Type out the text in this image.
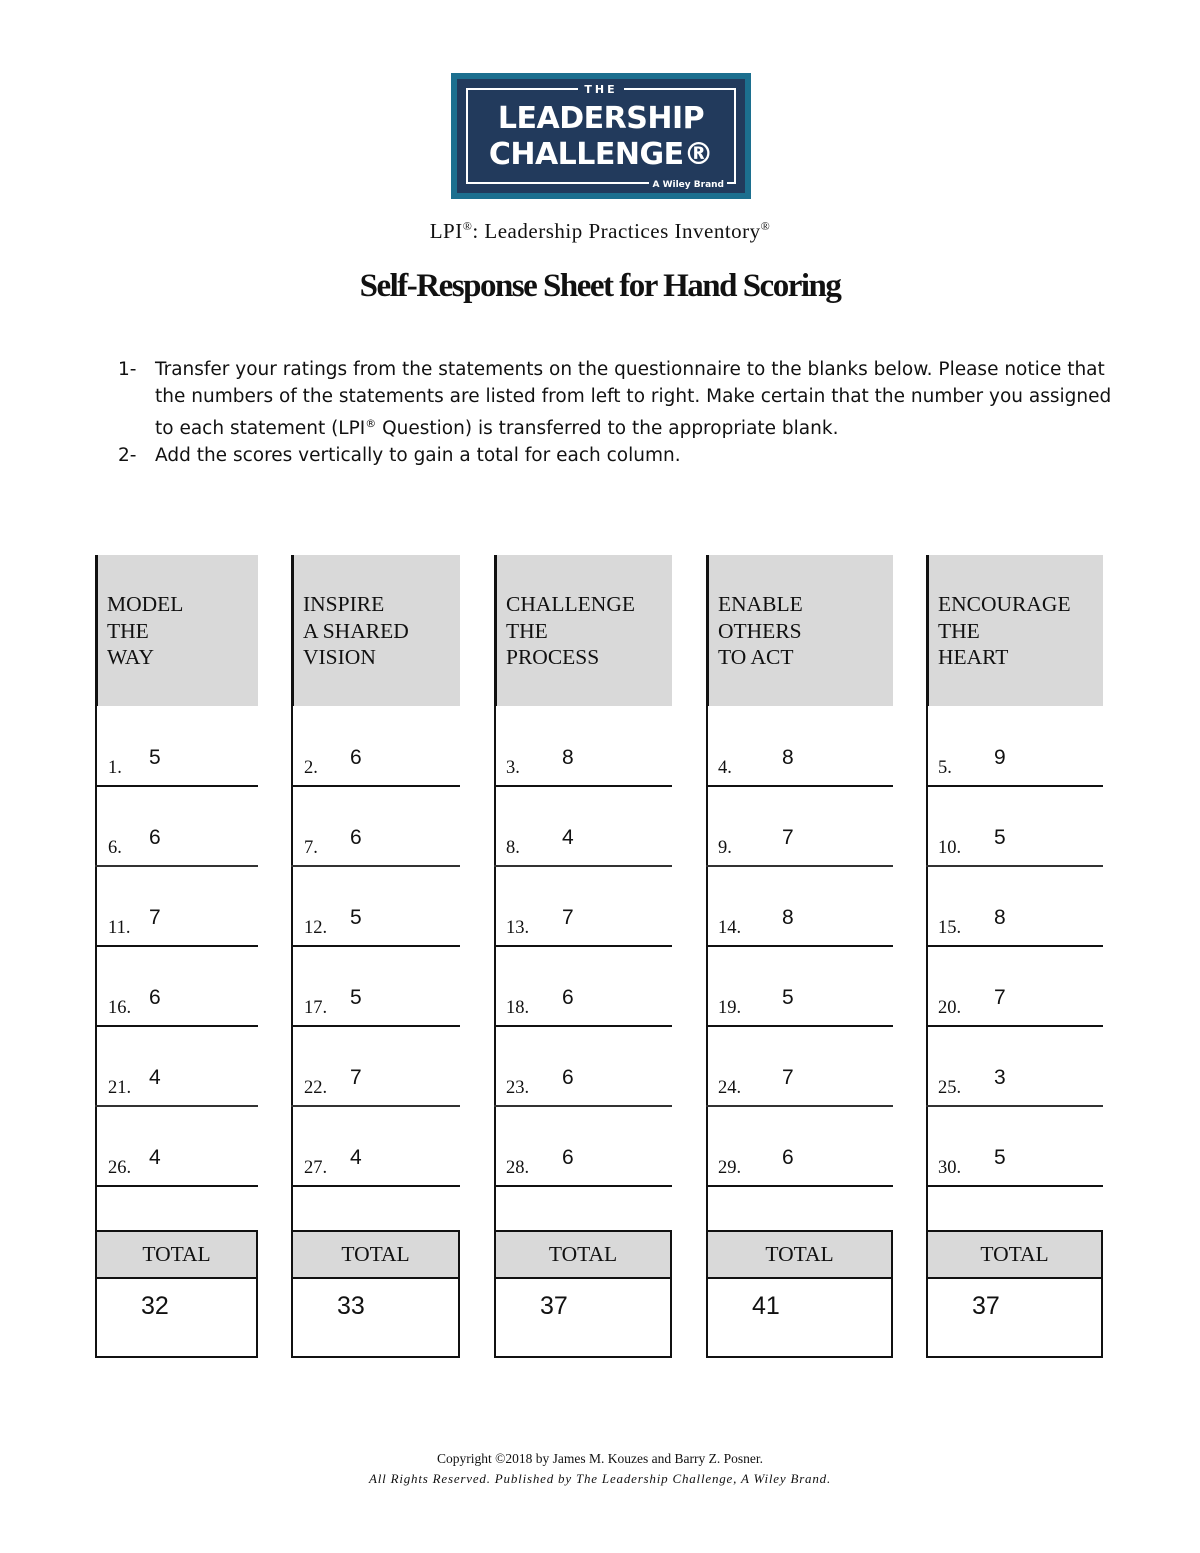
THE
LEADERSHIP
CHALLENGE®
A Wiley Brand
LPI®: Leadership Practices Inventory®
Self-Response Sheet for Hand Scoring
1- Transfer your ratings from the statements on the questionnaire to the blanks below. Please notice that the numbers of the statements are listed from left to right. Make certain that the number you assigned to each statement (LPI® Question) is transferred to the appropriate blank.
2- Add the scores vertically to gain a total for each column.
MODEL
THE
WAY
1. 5
6. 6
11. 7
16. 6
21. 4
26. 4
TOTAL
32
INSPIRE
A SHARED
VISION
2. 6
7. 6
12. 5
17. 5
22. 7
27. 4
TOTAL
33
CHALLENGE
THE
PROCESS
3. 8
8. 4
13. 7
18. 6
23. 6
28. 6
TOTAL
37
ENABLE
OTHERS
TO ACT
4. 8
9. 7
14. 8
19. 5
24. 7
29. 6
TOTAL
41
ENCOURAGE
THE
HEART
5. 9
10. 5
15. 8
20. 7
25. 3
30. 5
TOTAL
37
Copyright ©2018 by James M. Kouzes and Barry Z. Posner.
All Rights Reserved. Published by The Leadership Challenge, A Wiley Brand.
